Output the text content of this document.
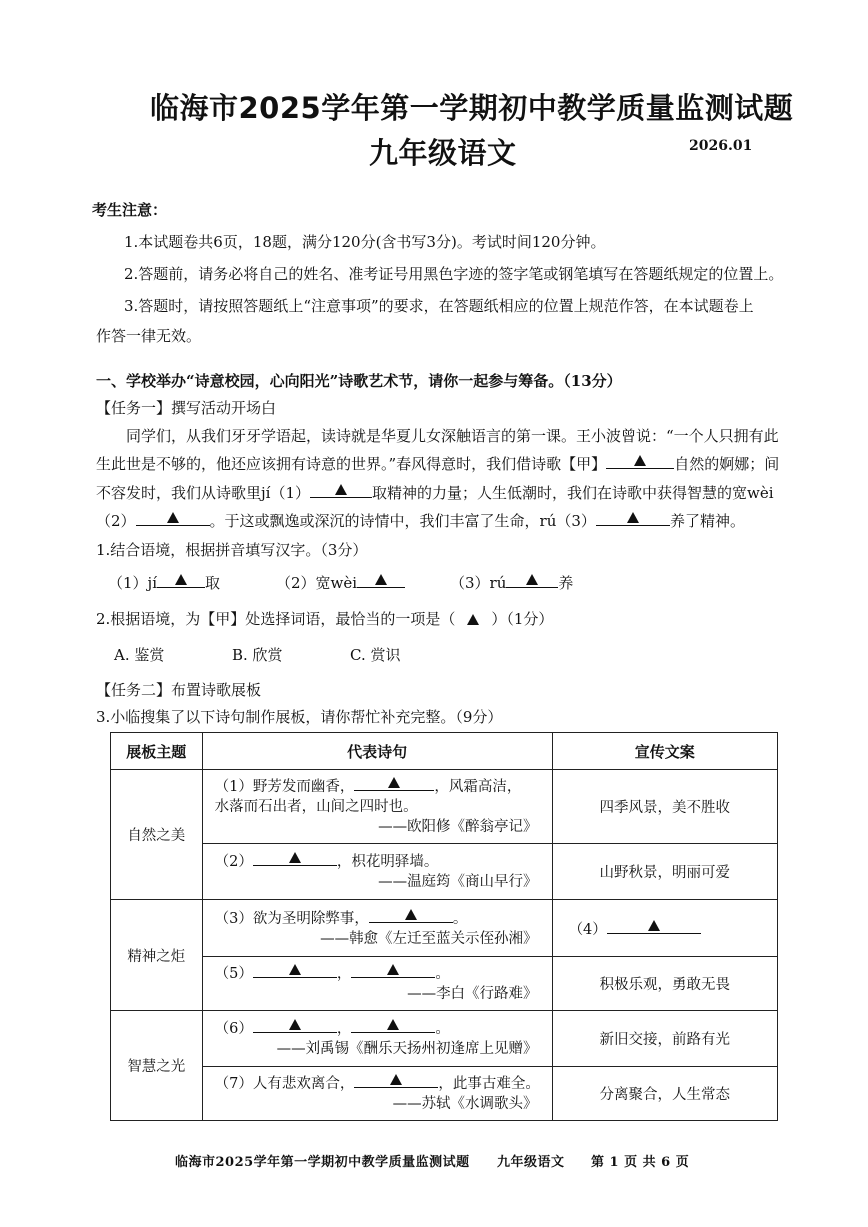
临海市2025学年第一学期初中教学质量监测试题
九年级语文	2026.01
考生注意：
1.本试题卷共6页，18题，满分120分(含书写3分)。考试时间120分钟。
2.答题前，请务必将自己的姓名、准考证号用黑色字迹的签字笔或钢笔填写在答题纸规定的位置上。
3.答题时，请按照答题纸上“注意事项”的要求，在答题纸相应的位置上规范作答，在本试题卷上
作答一律无效。
一、学校举办“诗意校园，心向阳光”诗歌艺术节，请你一起参与筹备。（13分）
【任务一】撰写活动开场白
同学们，从我们牙牙学语起，读诗就是华夏儿女深触语言的第一课。王小波曾说：“一个人只拥有此
生此世是不够的，他还应该拥有诗意的世界。”春风得意时，我们借诗歌【甲】	自然的婀娜；间
不容发时，我们从诗歌里jí（1）	取精神的力量；人生低潮时，我们在诗歌中获得智慧的宽wèi
（2）	。于这或飘逸或深沉的诗情中，我们丰富了生命，rú（3）	养了精神。
1.结合语境，根据拼音填写汉字。（3分）
（1）jí	取	（2）宽wèi	（3）rú	养
2.根据语境，为【甲】处选择词语，最恰当的一项是（ ）（1分）
A. 鉴赏	B. 欣赏	C. 赏识
【任务二】布置诗歌展板
3.小临搜集了以下诗句制作展板，请你帮忙补充完整。（9分）
展板主题	代表诗句	宣传文案
自然之美	（1）野芳发而幽香， ，风霜高洁，
水落而石出者，山间之四时也。
——欧阳修《醉翁亭记》	四季风景，美不胜收

	（2） ，枳花明驿墙。
——温庭筠《商山早行》	山野秋景，明丽可爱
精神之炬	（3）欲为圣明除弊事， 。
——韩愈《左迁至蓝关示侄孙湘》	（4）

	（5） ， 。
——李白《行路难》	积极乐观，勇敢无畏
智慧之光	（6） ， 。
——刘禹锡《酬乐天扬州初逢席上见赠》	新旧交接，前路有光

	（7）人有悲欢离合， ，此事古难全。
——苏轼《水调歌头》	分离聚合，人生常态
临海市2025学年第一学期初中教学质量监测试题 九年级语文 第 1 页 共 6 页
